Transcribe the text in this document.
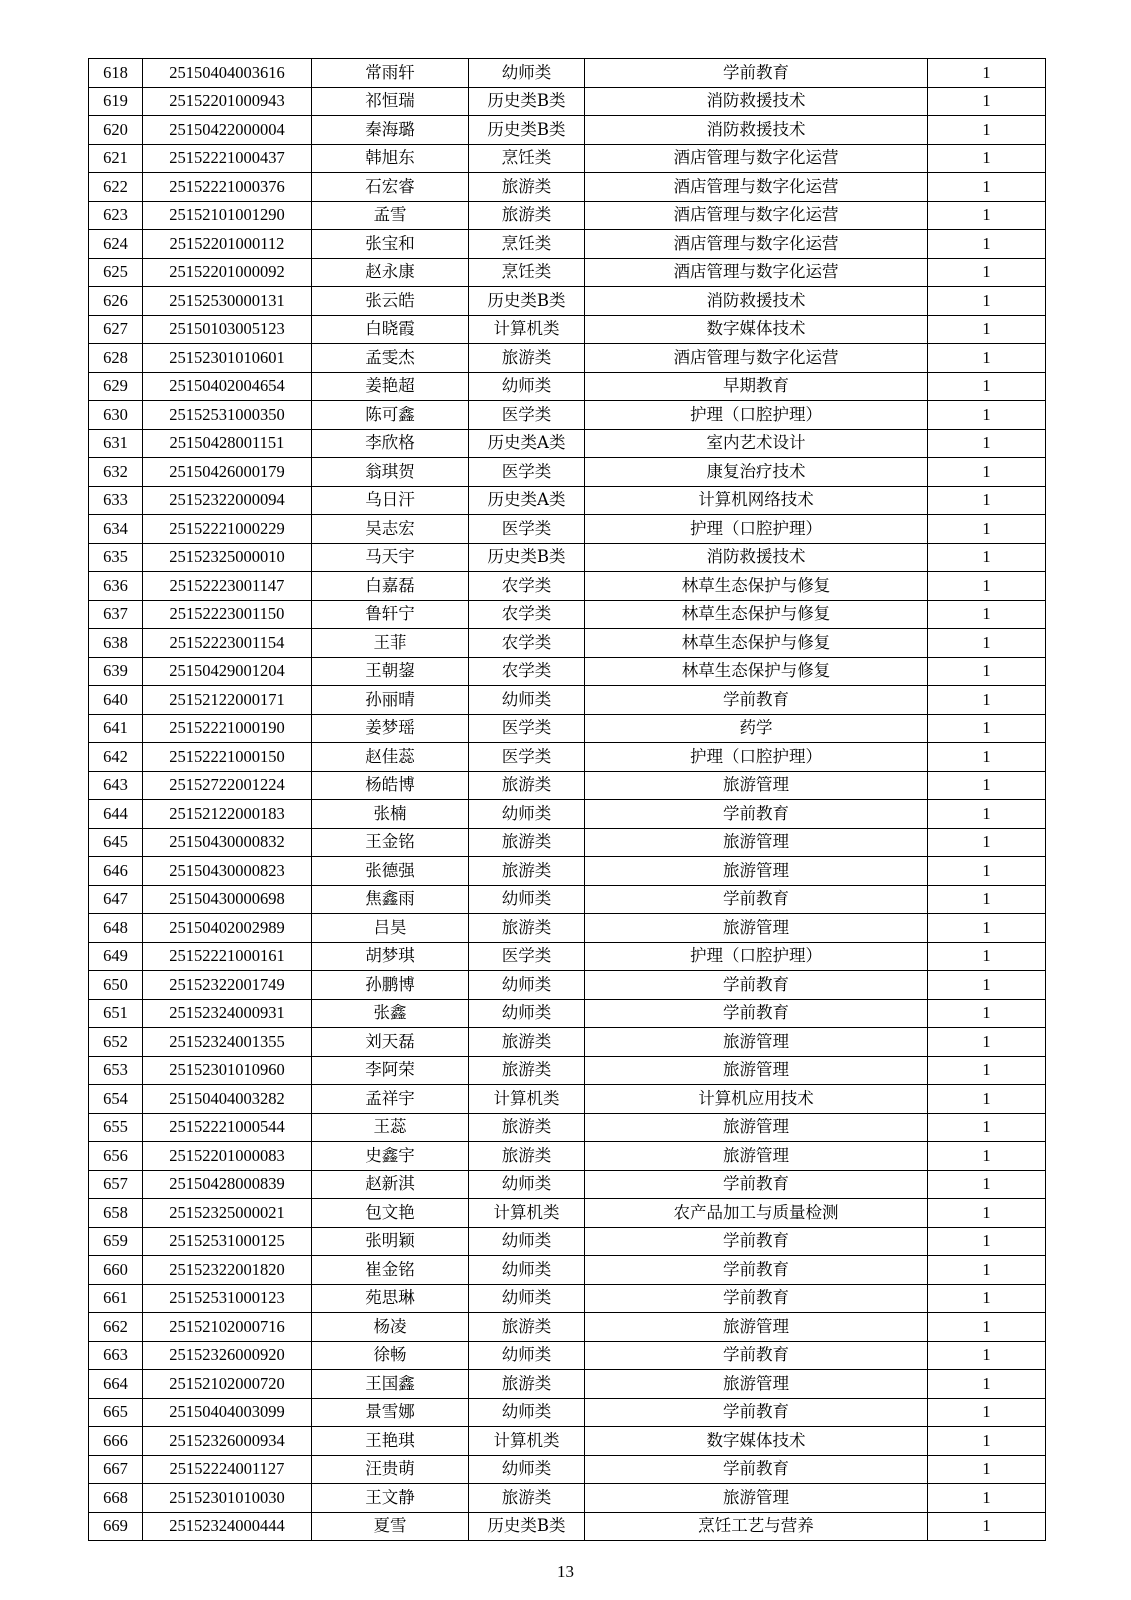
618	25150404003616	常雨轩	幼师类	学前教育	1
619	25152201000943	祁恒瑞	历史类B类	消防救援技术	1
620	25150422000004	秦海璐	历史类B类	消防救援技术	1
621	25152221000437	韩旭东	烹饪类	酒店管理与数字化运营	1
622	25152221000376	石宏睿	旅游类	酒店管理与数字化运营	1
623	25152101001290	孟雪	旅游类	酒店管理与数字化运营	1
624	25152201000112	张宝和	烹饪类	酒店管理与数字化运营	1
625	25152201000092	赵永康	烹饪类	酒店管理与数字化运营	1
626	25152530000131	张云皓	历史类B类	消防救援技术	1
627	25150103005123	白晓霞	计算机类	数字媒体技术	1
628	25152301010601	孟雯杰	旅游类	酒店管理与数字化运营	1
629	25150402004654	姜艳超	幼师类	早期教育	1
630	25152531000350	陈可鑫	医学类	护理（口腔护理）	1
631	25150428001151	李欣格	历史类A类	室内艺术设计	1
632	25150426000179	翁琪贺	医学类	康复治疗技术	1
633	25152322000094	乌日汗	历史类A类	计算机网络技术	1
634	25152221000229	吴志宏	医学类	护理（口腔护理）	1
635	25152325000010	马天宇	历史类B类	消防救援技术	1
636	25152223001147	白嘉磊	农学类	林草生态保护与修复	1
637	25152223001150	鲁轩宁	农学类	林草生态保护与修复	1
638	25152223001154	王菲	农学类	林草生态保护与修复	1
639	25150429001204	王朝鋆	农学类	林草生态保护与修复	1
640	25152122000171	孙丽晴	幼师类	学前教育	1
641	25152221000190	姜梦瑶	医学类	药学	1
642	25152221000150	赵佳蕊	医学类	护理（口腔护理）	1
643	25152722001224	杨皓博	旅游类	旅游管理	1
644	25152122000183	张楠	幼师类	学前教育	1
645	25150430000832	王金铭	旅游类	旅游管理	1
646	25150430000823	张德强	旅游类	旅游管理	1
647	25150430000698	焦鑫雨	幼师类	学前教育	1
648	25150402002989	吕昊	旅游类	旅游管理	1
649	25152221000161	胡梦琪	医学类	护理（口腔护理）	1
650	25152322001749	孙鹏博	幼师类	学前教育	1
651	25152324000931	张鑫	幼师类	学前教育	1
652	25152324001355	刘天磊	旅游类	旅游管理	1
653	25152301010960	李阿荣	旅游类	旅游管理	1
654	25150404003282	孟祥宇	计算机类	计算机应用技术	1
655	25152221000544	王蕊	旅游类	旅游管理	1
656	25152201000083	史鑫宇	旅游类	旅游管理	1
657	25150428000839	赵新淇	幼师类	学前教育	1
658	25152325000021	包文艳	计算机类	农产品加工与质量检测	1
659	25152531000125	张明颖	幼师类	学前教育	1
660	25152322001820	崔金铭	幼师类	学前教育	1
661	25152531000123	苑思琳	幼师类	学前教育	1
662	25152102000716	杨凌	旅游类	旅游管理	1
663	25152326000920	徐畅	幼师类	学前教育	1
664	25152102000720	王国鑫	旅游类	旅游管理	1
665	25150404003099	景雪娜	幼师类	学前教育	1
666	25152326000934	王艳琪	计算机类	数字媒体技术	1
667	25152224001127	汪贵萌	幼师类	学前教育	1
668	25152301010030	王文静	旅游类	旅游管理	1
669	25152324000444	夏雪	历史类B类	烹饪工艺与营养	1
13
